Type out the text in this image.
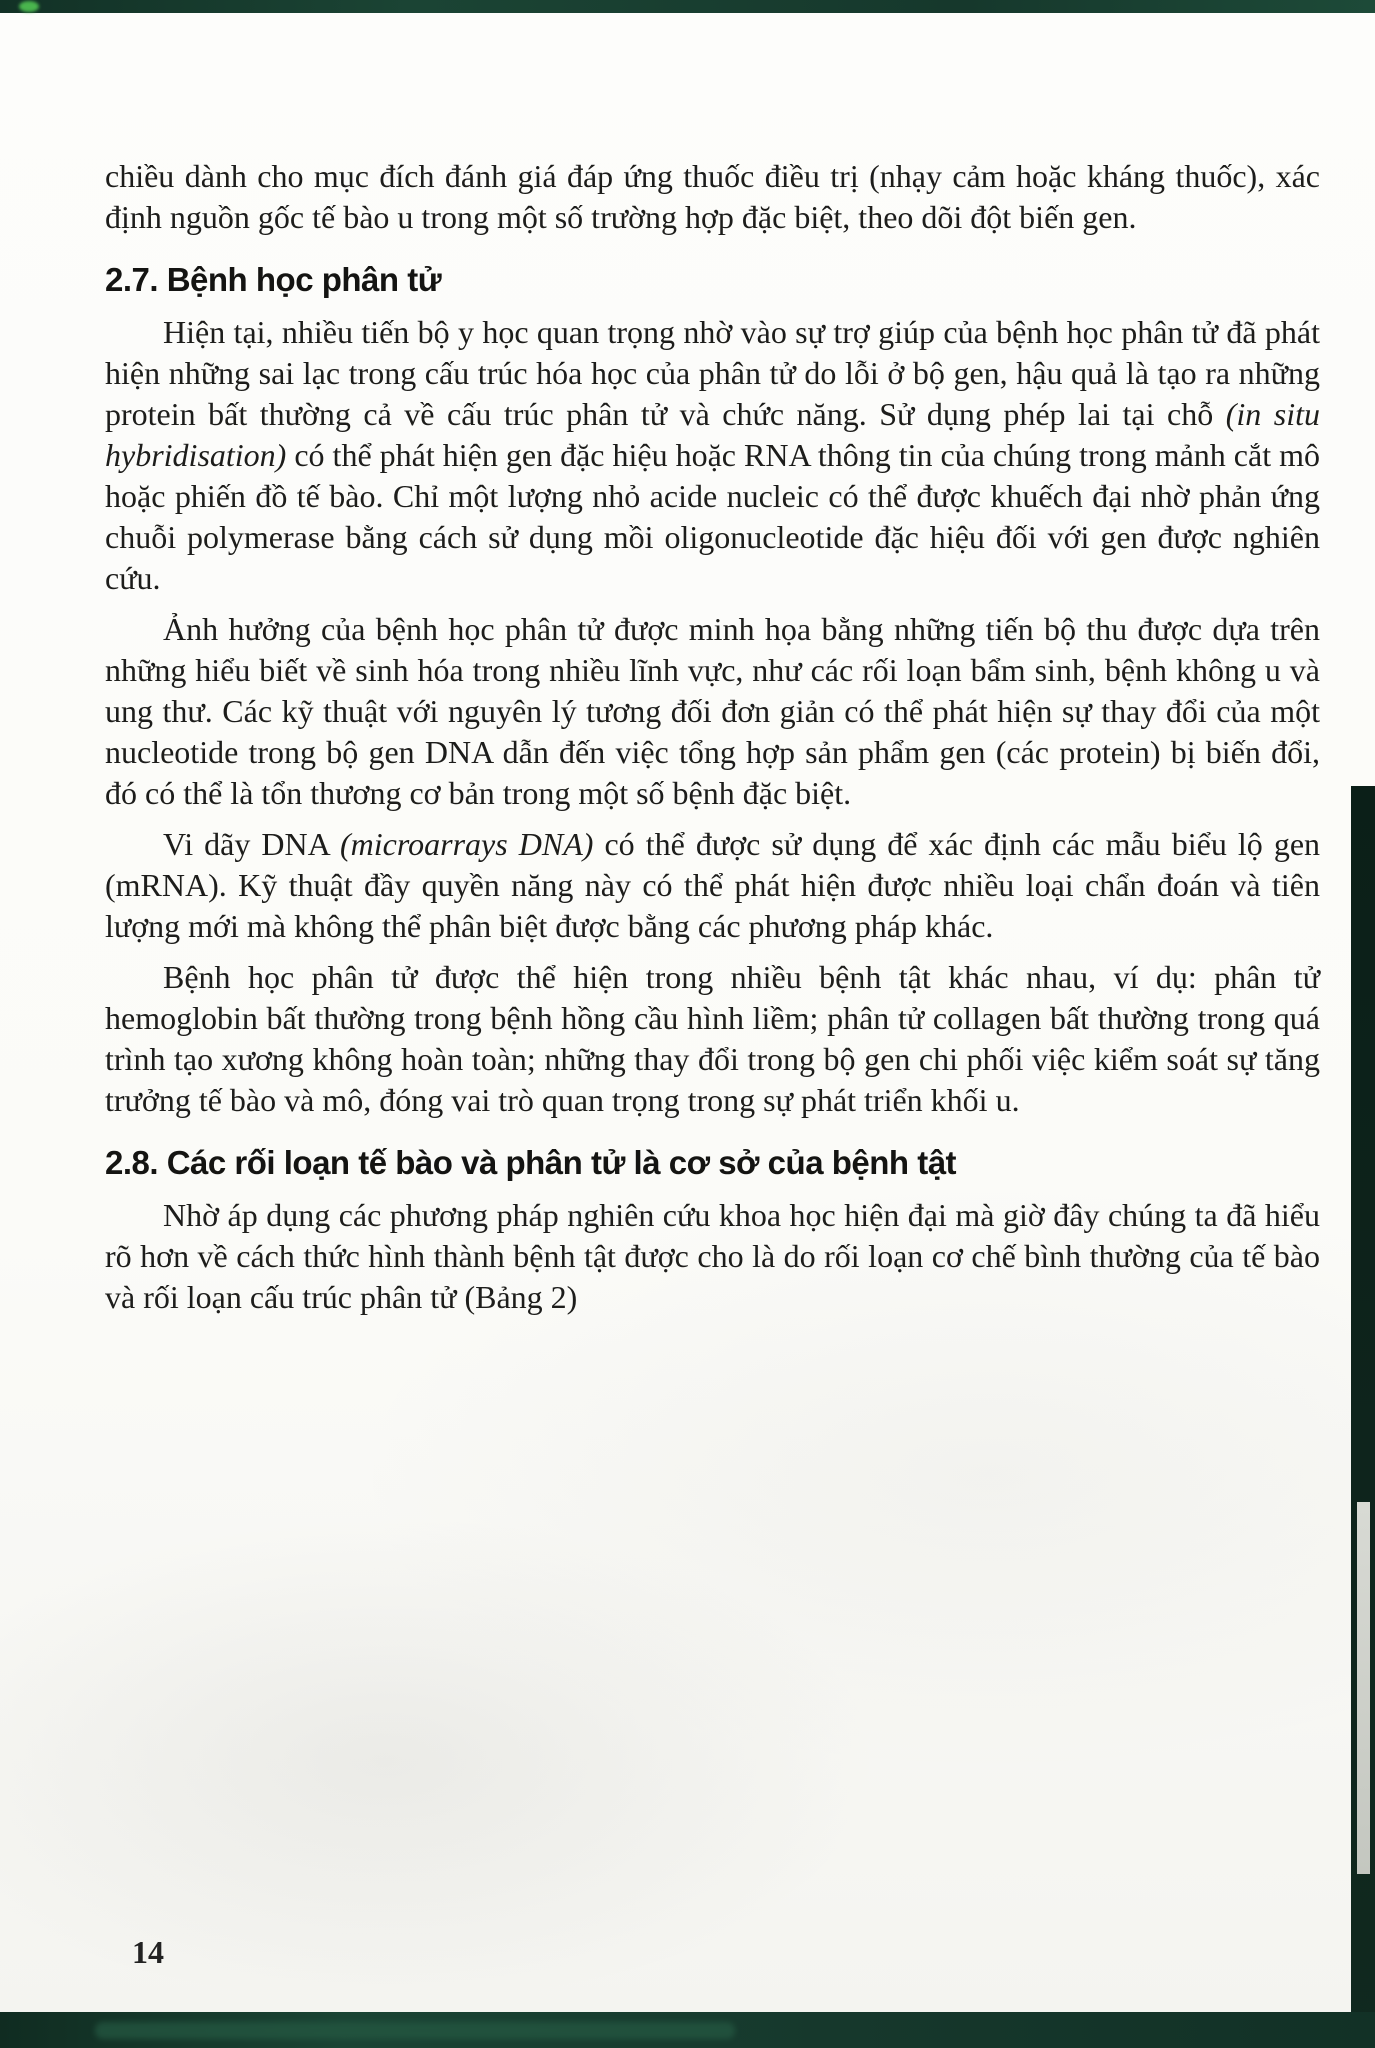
chiều dành cho mục đích đánh giá đáp ứng thuốc điều trị (nhạy cảm hoặc kháng thuốc), xác định nguồn gốc tế bào u trong một số trường hợp đặc biệt, theo dõi đột biến gen.

2.7. Bệnh học phân tử

Hiện tại, nhiều tiến bộ y học quan trọng nhờ vào sự trợ giúp của bệnh học phân tử đã phát hiện những sai lạc trong cấu trúc hóa học của phân tử do lỗi ở bộ gen, hậu quả là tạo ra những protein bất thường cả về cấu trúc phân tử và chức năng. Sử dụng phép lai tại chỗ (in situ hybridisation) có thể phát hiện gen đặc hiệu hoặc RNA thông tin của chúng trong mảnh cắt mô hoặc phiến đồ tế bào. Chỉ một lượng nhỏ acide nucleic có thể được khuếch đại nhờ phản ứng chuỗi polymerase bằng cách sử dụng mồi oligonucleotide đặc hiệu đối với gen được nghiên cứu.

Ảnh hưởng của bệnh học phân tử được minh họa bằng những tiến bộ thu được dựa trên những hiểu biết về sinh hóa trong nhiều lĩnh vực, như các rối loạn bẩm sinh, bệnh không u và ung thư. Các kỹ thuật với nguyên lý tương đối đơn giản có thể phát hiện sự thay đổi của một nucleotide trong bộ gen DNA dẫn đến việc tổng hợp sản phẩm gen (các protein) bị biến đổi, đó có thể là tổn thương cơ bản trong một số bệnh đặc biệt.

Vi dãy DNA (microarrays DNA) có thể được sử dụng để xác định các mẫu biểu lộ gen (mRNA). Kỹ thuật đầy quyền năng này có thể phát hiện được nhiều loại chẩn đoán và tiên lượng mới mà không thể phân biệt được bằng các phương pháp khác.

Bệnh học phân tử được thể hiện trong nhiều bệnh tật khác nhau, ví dụ: phân tử hemoglobin bất thường trong bệnh hồng cầu hình liềm; phân tử collagen bất thường trong quá trình tạo xương không hoàn toàn; những thay đổi trong bộ gen chi phối việc kiểm soát sự tăng trưởng tế bào và mô, đóng vai trò quan trọng trong sự phát triển khối u.

2.8. Các rối loạn tế bào và phân tử là cơ sở của bệnh tật

Nhờ áp dụng các phương pháp nghiên cứu khoa học hiện đại mà giờ đây chúng ta đã hiểu rõ hơn về cách thức hình thành bệnh tật được cho là do rối loạn cơ chế bình thường của tế bào và rối loạn cấu trúc phân tử (Bảng 2)

14
